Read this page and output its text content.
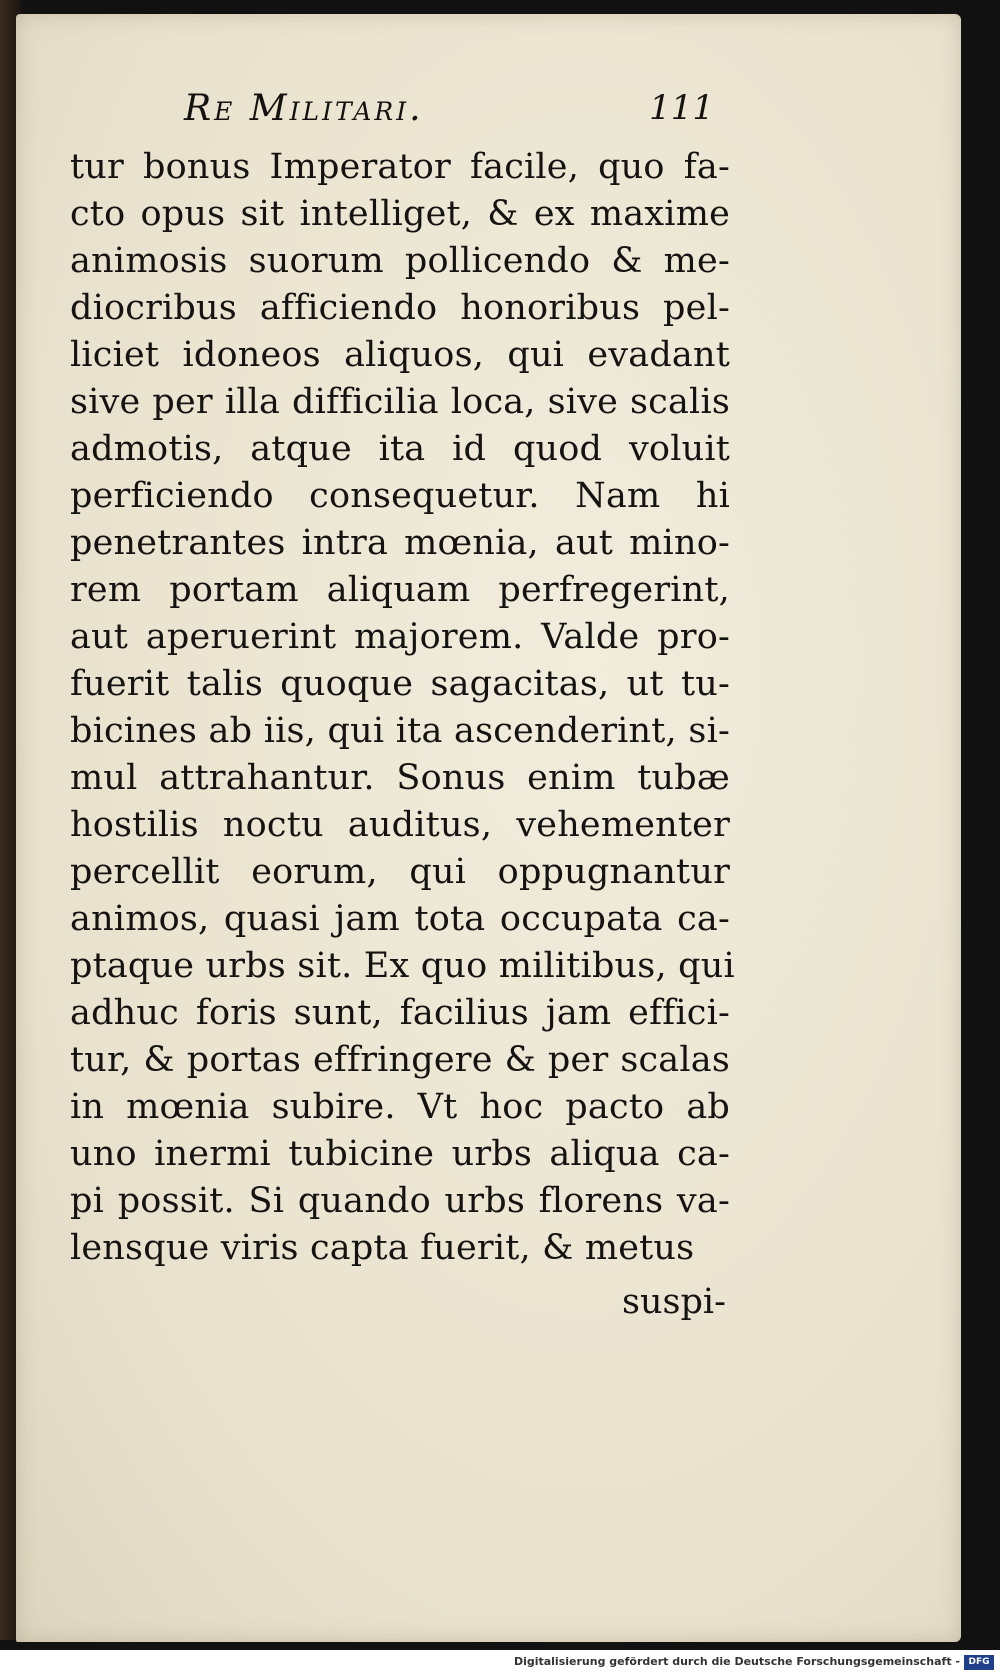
Re Militari.	111
tur bonus Imperator facile, quo fa-
cto opus sit intelliget, & ex maxime
animosis suorum pollicendo & me-
diocribus afficiendo honoribus pel-
liciet idoneos aliquos, qui evadant
sive per illa difficilia loca, sive scalis
admotis, atque ita id quod voluit
perficiendo consequetur. Nam hi
penetrantes intra mœnia, aut mino-
rem portam aliquam perfregerint,
aut aperuerint majorem. Valde pro-
fuerit talis quoque sagacitas, ut tu-
bicines ab iis, qui ita ascenderint, si-
mul attrahantur. Sonus enim tubæ
hostilis noctu auditus, vehementer
percellit eorum, qui oppugnantur
animos, quasi jam tota occupata ca-
ptaque urbs sit. Ex quo militibus, qui
adhuc foris sunt, facilius jam effici-
tur, & portas effringere & per scalas
in mœnia subire. Vt hoc pacto ab
uno inermi tubicine urbs aliqua ca-
pi possit. Si quando urbs florens va-
lensque viris capta fuerit, & metus
suspi-
Digitalisierung gefördert durch die Deutsche Forschungsgemeinschaft - DFG
